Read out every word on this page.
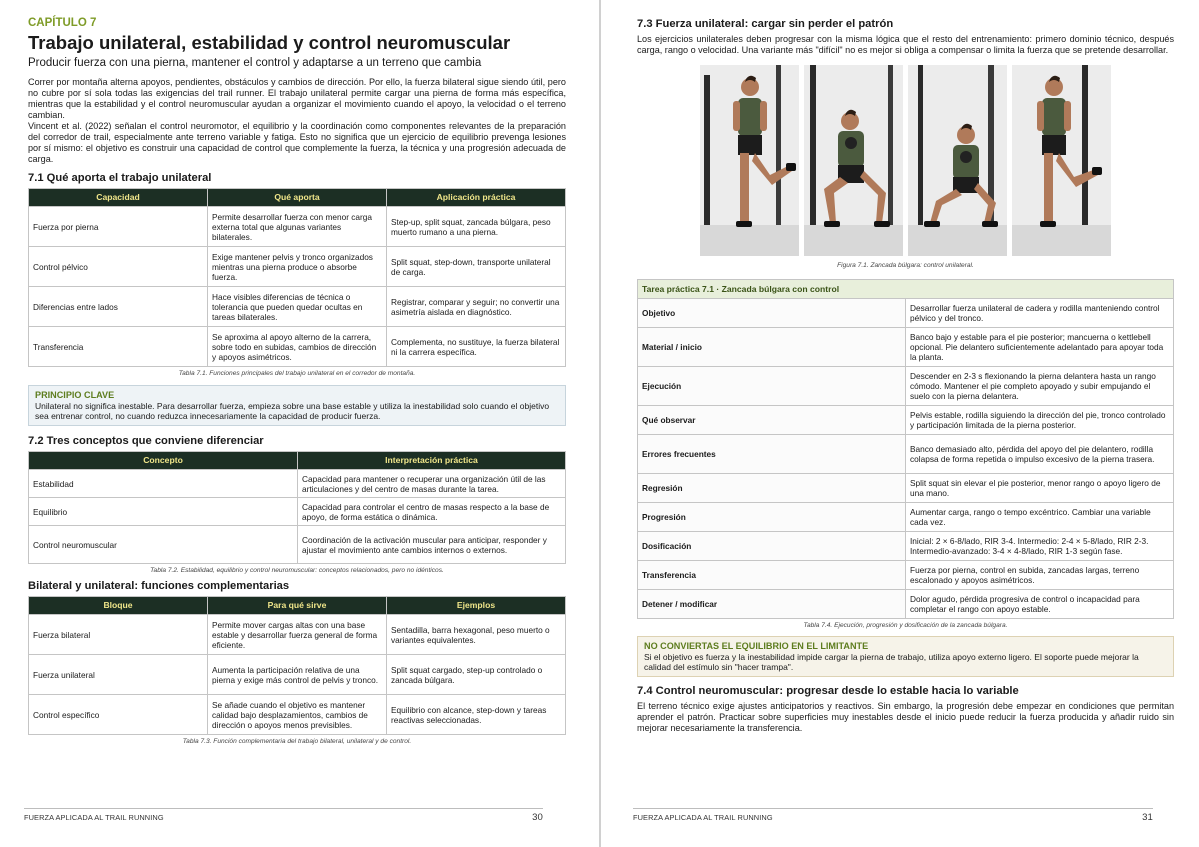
CAPÍTULO 7
Trabajo unilateral, estabilidad y control neuromuscular
Producir fuerza con una pierna, mantener el control y adaptarse a un terreno que cambia

Correr por montaña alterna apoyos, pendientes, obstáculos y cambios de dirección. Por ello, la fuerza bilateral sigue siendo útil, pero no cubre por sí sola todas las exigencias del trail runner. El trabajo unilateral permite cargar una pierna de forma más específica, mientras que la estabilidad y el control neuromuscular ayudan a organizar el movimiento cuando el apoyo, la velocidad o el terreno cambian.

Vincent et al. (2022) señalan el control neuromotor, el equilibrio y la coordinación como componentes relevantes de la preparación del corredor de trail, especialmente ante terreno variable y fatiga. Esto no significa que un ejercicio de equilibrio prevenga lesiones por sí mismo: el objetivo es construir una capacidad de control que complemente la fuerza, la técnica y una progresión adecuada de carga.

7.1 Qué aporta el trabajo unilateral
Capacidad	Qué aporta	Aplicación práctica
Fuerza por pierna	Permite desarrollar fuerza con menor carga externa total que algunas variantes bilaterales.	Step-up, split squat, zancada búlgara, peso muerto rumano a una pierna.
Control pélvico	Exige mantener pelvis y tronco organizados mientras una pierna produce o absorbe fuerza.	Split squat, step-down, transporte unilateral de carga.
Diferencias entre lados	Hace visibles diferencias de técnica o tolerancia que pueden quedar ocultas en tareas bilaterales.	Registrar, comparar y seguir; no convertir una asimetría aislada en diagnóstico.
Transferencia	Se aproxima al apoyo alterno de la carrera, sobre todo en subidas, cambios de dirección y apoyos asimétricos.	Complementa, no sustituye, la fuerza bilateral ni la carrera específica.
Tabla 7.1. Funciones principales del trabajo unilateral en el corredor de montaña.
PRINCIPIO CLAVE
Unilateral no significa inestable. Para desarrollar fuerza, empieza sobre una base estable y utiliza la inestabilidad solo cuando el objetivo sea entrenar control, no cuando reduzca innecesariamente la capacidad de producir fuerza.
7.2 Tres conceptos que conviene diferenciar
Concepto	Interpretación práctica
Estabilidad	Capacidad para mantener o recuperar una organización útil de las articulaciones y del centro de masas durante la tarea.
Equilibrio	Capacidad para controlar el centro de masas respecto a la base de apoyo, de forma estática o dinámica.
Control neuromuscular	Coordinación de la activación muscular para anticipar, responder y ajustar el movimiento ante cambios internos o externos.
Tabla 7.2. Estabilidad, equilibrio y control neuromuscular: conceptos relacionados, pero no idénticos.
Bilateral y unilateral: funciones complementarias
Bloque	Para qué sirve	Ejemplos
Fuerza bilateral	Permite mover cargas altas con una base estable y desarrollar fuerza general de forma eficiente.	Sentadilla, barra hexagonal, peso muerto o variantes equivalentes.
Fuerza unilateral	Aumenta la participación relativa de una pierna y exige más control de pelvis y tronco.	Split squat cargado, step-up controlado o zancada búlgara.
Control específico	Se añade cuando el objetivo es mantener calidad bajo desplazamientos, cambios de dirección o apoyos menos previsibles.	Equilibrio con alcance, step-down y tareas reactivas seleccionadas.
Tabla 7.3. Función complementaria del trabajo bilateral, unilateral y de control.
FUERZA APLICADA AL TRAIL RUNNING	30
7.3 Fuerza unilateral: cargar sin perder el patrón

Los ejercicios unilaterales deben progresar con la misma lógica que el resto del entrenamiento: primero dominio técnico, después carga, rango o velocidad. Una variante más "difícil" no es mejor si obliga a compensar o limita la fuerza que se pretende desarrollar.

Figura 7.1. Zancada búlgara: control unilateral.
Tarea práctica 7.1 · Zancada búlgara con control	
Objetivo	Desarrollar fuerza unilateral de cadera y rodilla manteniendo control pélvico y del tronco.
Material / inicio	Banco bajo y estable para el pie posterior; mancuerna o kettlebell opcional. Pie delantero suficientemente adelantado para apoyar toda la planta.
Ejecución	Descender en 2-3 s flexionando la pierna delantera hasta un rango cómodo. Mantener el pie completo apoyado y subir empujando el suelo con la pierna delantera.
Qué observar	Pelvis estable, rodilla siguiendo la dirección del pie, tronco controlado y participación limitada de la pierna posterior.
Errores frecuentes	Banco demasiado alto, pérdida del apoyo del pie delantero, rodilla colapsa de forma repetida o impulso excesivo de la pierna trasera.
Regresión	Split squat sin elevar el pie posterior, menor rango o apoyo ligero de una mano.
Progresión	Aumentar carga, rango o tempo excéntrico. Cambiar una variable cada vez.
Dosificación	Inicial: 2 × 6-8/lado, RIR 3-4. Intermedio: 2-4 × 5-8/lado, RIR 2-3. Intermedio-avanzado: 3-4 × 4-8/lado, RIR 1-3 según fase.
Transferencia	Fuerza por pierna, control en subida, zancadas largas, terreno escalonado y apoyos asimétricos.
Detener / modificar	Dolor agudo, pérdida progresiva de control o incapacidad para completar el rango con apoyo estable.
Tabla 7.4. Ejecución, progresión y dosificación de la zancada búlgara.
NO CONVIERTAS EL EQUILIBRIO EN EL LIMITANTE
Si el objetivo es fuerza y la inestabilidad impide cargar la pierna de trabajo, utiliza apoyo externo ligero. El soporte puede mejorar la calidad del estímulo sin "hacer trampa".
7.4 Control neuromuscular: progresar desde lo estable hacia lo variable

El terreno técnico exige ajustes anticipatorios y reactivos. Sin embargo, la progresión debe empezar en condiciones que permitan aprender el patrón. Practicar sobre superficies muy inestables desde el inicio puede reducir la fuerza producida y añadir ruido sin mejorar necesariamente la transferencia.

FUERZA APLICADA AL TRAIL RUNNING	31
